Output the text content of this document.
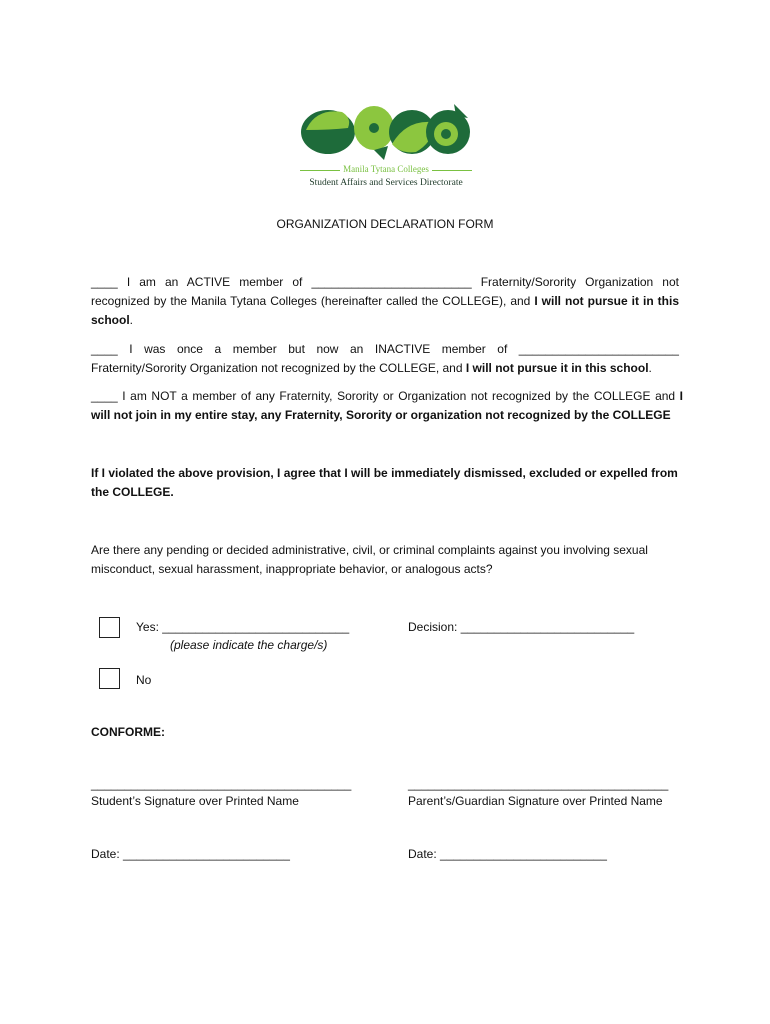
Manila Tytana Colleges
Student Affairs and Services Directorate
ORGANIZATION DECLARATION FORM
____ I am an ACTIVE member of ________________________ Fraternity/Sorority Organization not recognized by the Manila Tytana Colleges (hereinafter called the COLLEGE), and I will not pursue it in this school.
____ I was once a member but now an INACTIVE member of ________________________ Fraternity/Sorority Organization not recognized by the COLLEGE, and I will not pursue it in this school.
____ I am NOT a member of any Fraternity, Sorority or Organization not recognized by the COLLEGE and I will not join in my entire stay, any Fraternity, Sorority or organization not recognized by the COLLEGE
If I violated the above provision, I agree that I will be immediately dismissed, excluded or expelled from the COLLEGE.
Are there any pending or decided administrative, civil, or criminal complaints against you involving sexual misconduct, sexual harassment, inappropriate behavior, or analogous acts?
Yes: ____________________________
(please indicate the charge/s)
Decision: __________________________
No
CONFORME:
_______________________________________
Student’s Signature over Printed Name
_______________________________________
Parent’s/Guardian Signature over Printed Name
Date: _________________________	Date: _________________________
